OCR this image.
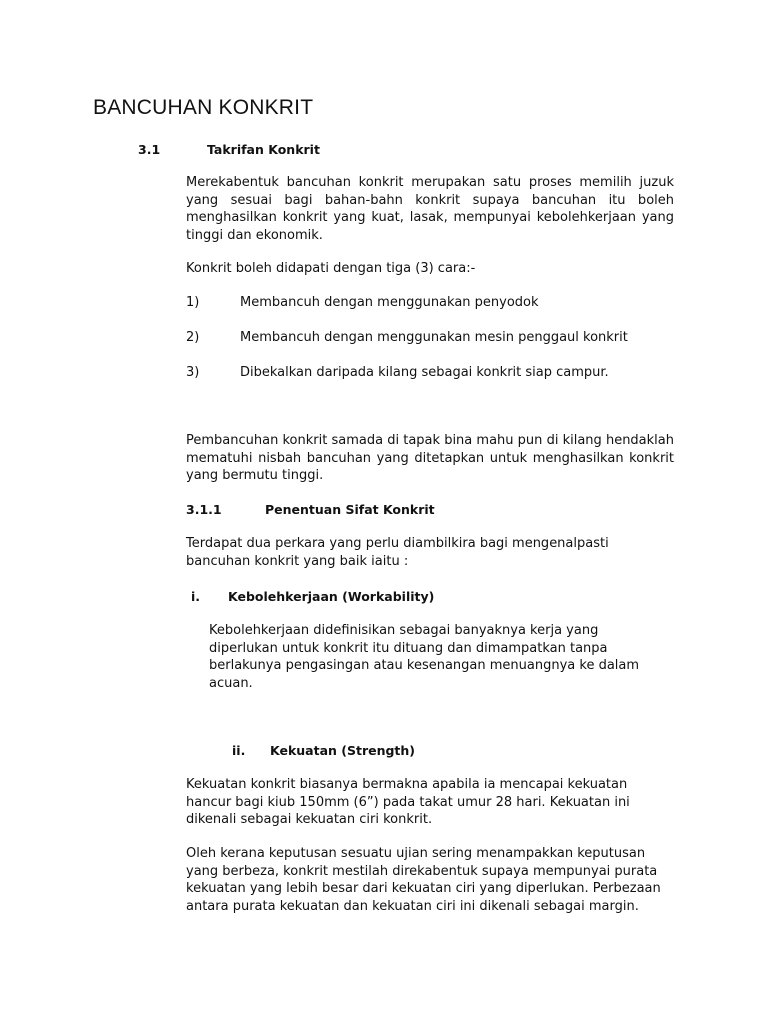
BANCUHAN KONKRIT
3.1	Takrifan Konkrit
Merekabentuk bancuhan konkrit merupakan satu proses memilih juzuk yang sesuai bagi bahan-bahn konkrit supaya bancuhan itu boleh menghasilkan konkrit yang kuat, lasak, mempunyai kebolehkerjaan yang tinggi dan ekonomik.
Konkrit boleh didapati dengan tiga (3) cara:-
1)	Membancuh dengan menggunakan penyodok
2)	Membancuh dengan menggunakan mesin penggaul konkrit
3)	Dibekalkan daripada kilang sebagai konkrit siap campur.
Pembancuhan konkrit samada di tapak bina mahu pun di kilang hendaklah mematuhi nisbah bancuhan yang ditetapkan untuk menghasilkan konkrit yang bermutu tinggi.
3.1.1	Penentuan Sifat Konkrit
Terdapat dua perkara yang perlu diambilkira bagi mengenalpasti bancuhan konkrit yang baik iaitu :
i. Kebolehkerjaan (Workability)
Kebolehkerjaan didefinisikan sebagai banyaknya kerja yang diperlukan untuk konkrit itu dituang dan dimampatkan tanpa berlakunya pengasingan atau kesenangan menuangnya ke dalam acuan.
ii. Kekuatan (Strength)
Kekuatan konkrit biasanya bermakna apabila ia mencapai kekuatan hancur bagi kiub 150mm (6”) pada takat umur 28 hari. Kekuatan ini dikenali sebagai kekuatan ciri konkrit.
Oleh kerana keputusan sesuatu ujian sering menampakkan keputusan yang berbeza, konkrit mestilah direkabentuk supaya mempunyai purata kekuatan yang lebih besar dari kekuatan ciri yang diperlukan. Perbezaan antara purata kekuatan dan kekuatan ciri ini dikenali sebagai margin.
